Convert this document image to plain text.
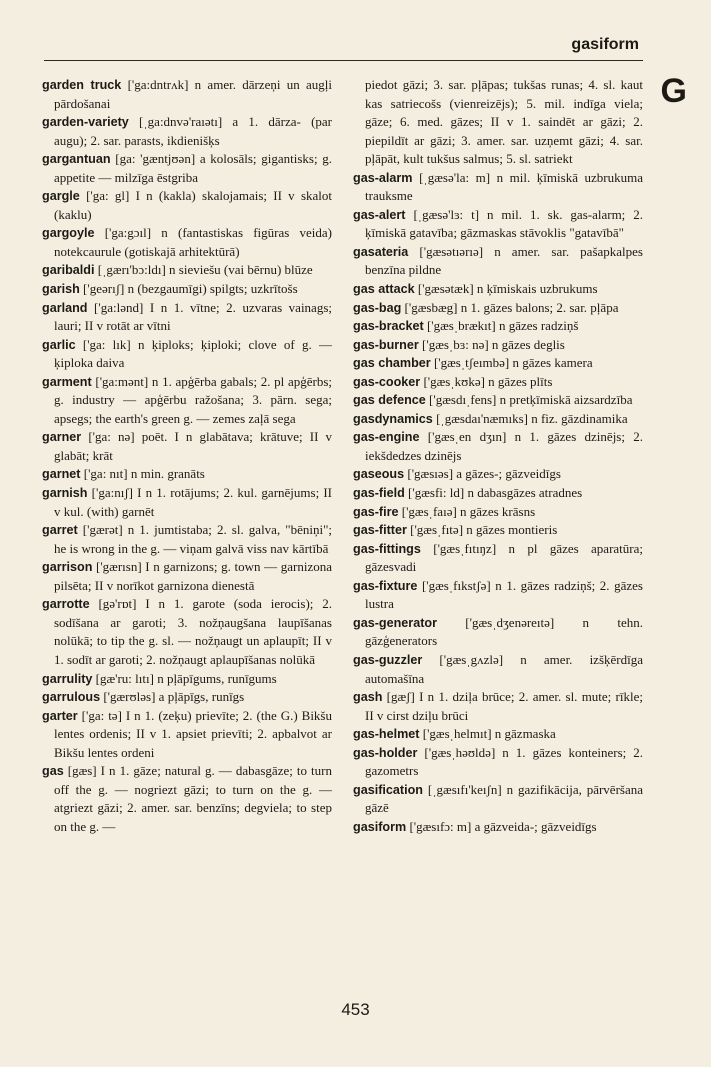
gasiform
G

garden truck ['ga:dntrʌk] n amer. dārzeņi un augļi pārdošanai

garden-variety [ˌga:dnvə'raıətı] a 1. dārza- (par augu); 2. sar. parasts, ikdienišķs

gargantuan [ga: 'gæntjʊən] a kolosāls; gigantisks; g. appetite — milzīga ēstgriba

gargle ['ga: gl] I n (kakla) skalojamais; II v skalot (kaklu)

gargoyle ['ga:gɔıl] n (fantastiskas figūras veida) notekcaurule (gotiskajā arhitektūrā)

garibaldi [ˌgærı'bɔ:ldı] n sieviešu (vai bērnu) blūze

garish ['geərıʃ] n (bezgaumīgi) spilgts; uzkrītošs

garland ['ga:lənd] I n 1. vītne; 2. uzvaras vainags; lauri; II v rotāt ar vītni

garlic ['ga: lık] n ķiploks; ķiploki; clove of g. — ķiploka daiva

garment ['ga:mənt] n 1. apģērba gabals; 2. pl apģērbs; g. industry — apģērbu ražošana; 3. pārn. sega; apsegs; the earth's green g. — zemes zaļā sega

garner ['ga: nə] poēt. I n glabātava; krātuve; II v glabāt; krāt

garnet ['ga: nıt] n min. granāts

garnish ['ga:nıʃ] I n 1. rotājums; 2. kul. garnējums; II v kul. (with) garnēt

garret ['gærət] n 1. jumtistaba; 2. sl. galva, "bēniņi"; he is wrong in the g. — viņam galvā viss nav kārtībā

garrison ['gærısn] I n garnizons; g. town — garnizona pilsēta; II v norīkot garnizona dienestā

garrotte [gə'rɒt] I n 1. garote (soda ierocis); 2. sodīšana ar garoti; 3. nožņaugšana laupīšanas nolūkā; to tip the g. sl. — nožņaugt un aplaupīt; II v 1. sodīt ar garoti; 2. nožņaugt aplaupīšanas nolūkā

garrulity [gæ'ru: lıtı] n pļāpīgums, runīgums

garrulous ['gærʊləs] a pļāpīgs, runīgs

garter ['ga: tə] I n 1. (zeķu) prievīte; 2. (the G.) Bikšu lentes ordenis; II v 1. apsiet prievīti; 2. apbalvot ar Bikšu lentes ordeni

gas [gæs] I n 1. gāze; natural g. — dabasgāze; to turn off the g. — nogriezt gāzi; to turn on the g. — atgriezt gāzi; 2. amer. sar. benzīns; degviela; to step on the g. —

piedot gāzi; 3. sar. pļāpas; tukšas runas; 4. sl. kaut kas satriecošs (vienreizējs); 5. mil. indīga viela; gāze; 6. med. gāzes; II v 1. saindēt ar gāzi; 2. piepildīt ar gāzi; 3. amer. sar. uzņemt gāzi; 4. sar. pļāpāt, kult tukšus salmus; 5. sl. satriekt

gas-alarm [ˌgæsə'la: m] n mil. ķīmiskā uzbrukuma trauksme

gas-alert [ˌgæsə'lɜ: t] n mil. 1. sk. gas-alarm; 2. ķīmiskā gatavība; gāzmaskas stāvoklis "gatavībā"

gasateria ['gæsətıərıə] n amer. sar. pašapkalpes benzīna pildne

gas attack ['gæsətæk] n ķīmiskais uzbrukums

gas-bag ['gæsbæg] n 1. gāzes balons; 2. sar. pļāpa

gas-bracket ['gæsˌbrækıt] n gāzes radziņš

gas-burner ['gæsˌbɜ: nə] n gāzes deglis

gas chamber ['gæsˌtʃeımbə] n gāzes kamera

gas-cooker ['gæsˌkʊkə] n gāzes plīts

gas defence ['gæsdıˌfens] n pretķīmiskā aizsardzība

gasdynamics [ˌgæsdaı'næmıks] n fiz. gāzdinamika

gas-engine ['gæsˌen dʒın] n 1. gāzes dzinējs; 2. iekšdedzes dzinējs

gaseous ['gæsıəs] a gāzes-; gāzveidīgs

gas-field ['gæsfi: ld] n dabasgāzes atradnes

gas-fire ['gæsˌfaıə] n gāzes krāsns

gas-fitter ['gæsˌfıtə] n gāzes montieris

gas-fittings ['gæsˌfıtıŋz] n pl gāzes aparatūra; gāzesvadi

gas-fixture ['gæsˌfıkstʃə] n 1. gāzes radziņš; 2. gāzes lustra

gas-generator ['gæsˌdʒenəreıtə] n tehn. gāzģenerators

gas-guzzler ['gæsˌgʌzlə] n amer. izšķērdīga automašīna

gash [gæʃ] I n 1. dziļa brūce; 2. amer. sl. mute; rīkle; II v cirst dziļu brūci

gas-helmet ['gæsˌhelmıt] n gāzmaska

gas-holder ['gæsˌhəʊldə] n 1. gāzes konteiners; 2. gazometrs

gasification [ˌgæsıfı'keıʃn] n gazifikācija, pārvēršana gāzē

gasiform ['gæsıfɔ: m] a gāzveida-; gāzveidīgs

453
